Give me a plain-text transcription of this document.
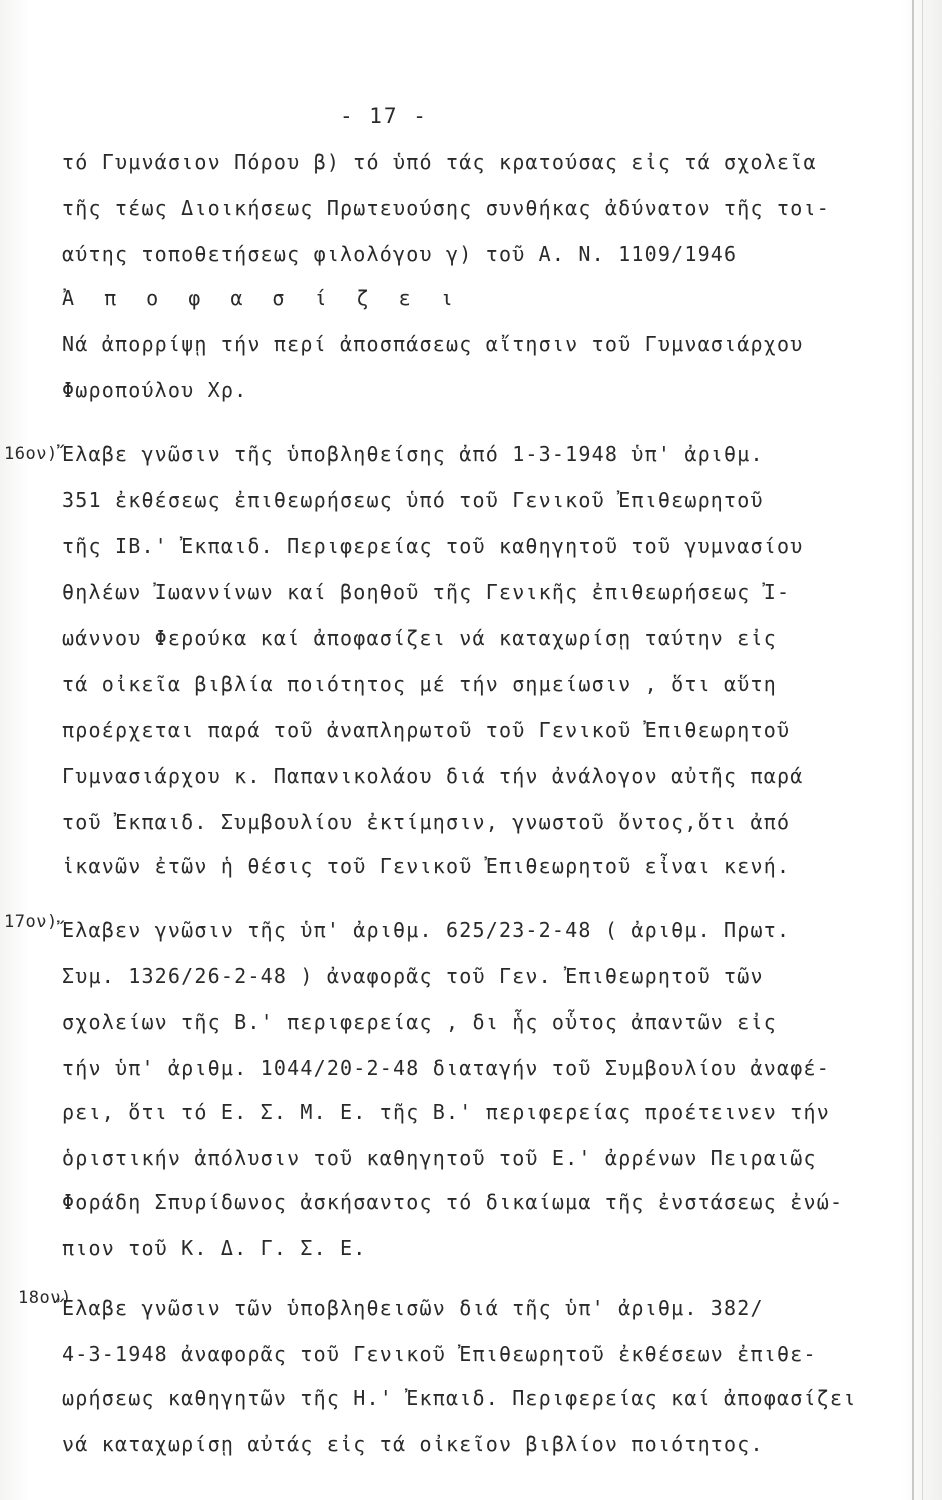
- 17 -
τό Γυμνάσιον Πόρου β) τό ὑπό τάς κρατούσας εἰς τά σχολεῖα
τῆς τέως Διοικήσεως Πρωτευούσης συνθήκας ἀδύνατον τῆς τοι-
αύτης τοποθετήσεως φιλολόγου γ) τοῦ Α. Ν. 1109/1946
Ἀ π ο φ α σ ί ζ ε ι
Νά ἀπορρίψῃ τήν περί ἀποσπάσεως αἴτησιν τοῦ Γυμνασιάρχου
Φωροπούλου Χρ.
16ον) Ἔλαβε γνῶσιν τῆς ὑποβληθείσης ἀπό 1-3-1948 ὑπ' ἀριθμ.
351 ἐκθέσεως ἐπιθεωρήσεως ὑπό τοῦ Γενικοῦ Ἐπιθεωρητοῦ
τῆς ΙΒ.' Ἐκπαιδ. Περιφερείας τοῦ καθηγητοῦ τοῦ γυμνασίου
θηλέων Ἰωαννίνων καί βοηθοῦ τῆς Γενικῆς ἐπιθεωρήσεως Ἰ-
ωάννου Φερούκα καί ἀποφασίζει νά καταχωρίσῃ ταύτην εἰς
τά οἰκεῖα βιβλία ποιότητος μέ τήν σημείωσιν , ὅτι αὕτη
προέρχεται παρά τοῦ ἀναπληρωτοῦ τοῦ Γενικοῦ Ἐπιθεωρητοῦ
Γυμνασιάρχου κ. Παπανικολάου διά τήν ἀνάλογον αὐτῆς παρά
τοῦ Ἐκπαιδ. Συμβουλίου ἐκτίμησιν, γνωστοῦ ὄντος,ὅτι ἀπό
ἱκανῶν ἐτῶν ἡ θέσις τοῦ Γενικοῦ Ἐπιθεωρητοῦ εἶναι κενή.
17ον) Ἔλαβεν γνῶσιν τῆς ὑπ' ἀριθμ. 625/23-2-48 ( ἀριθμ. Πρωτ.
Συμ. 1326/26-2-48 ) ἀναφορᾶς τοῦ Γεν. Ἐπιθεωρητοῦ τῶν
σχολείων τῆς Β.' περιφερείας , δι ἧς οὗτος ἀπαντῶν εἰς
τήν ὑπ' ἀριθμ. 1044/20-2-48 διαταγήν τοῦ Συμβουλίου ἀναφέ-
ρει, ὅτι τό Ε. Σ. Μ. Ε. τῆς Β.' περιφερείας προέτεινεν τήν
ὁριστικήν ἀπόλυσιν τοῦ καθηγητοῦ τοῦ Ε.' ἀρρένων Πειραιῶς
Φοράδη Σπυρίδωνος ἀσκήσαντος τό δικαίωμα τῆς ἐνστάσεως ἐνώ-
πιον τοῦ Κ. Δ. Γ. Σ. Ε.
18ον)
Ἔλαβε γνῶσιν τῶν ὑποβληθεισῶν διά τῆς ὑπ' ἀριθμ. 382/
4-3-1948 ἀναφορᾶς τοῦ Γενικοῦ Ἐπιθεωρητοῦ ἐκθέσεων ἐπιθε-
ωρήσεως καθηγητῶν τῆς Η.' Ἐκπαιδ. Περιφερείας καί ἀποφασίζει
νά καταχωρίσῃ αὐτάς εἰς τά οἰκεῖον βιβλίον ποιότητος.
